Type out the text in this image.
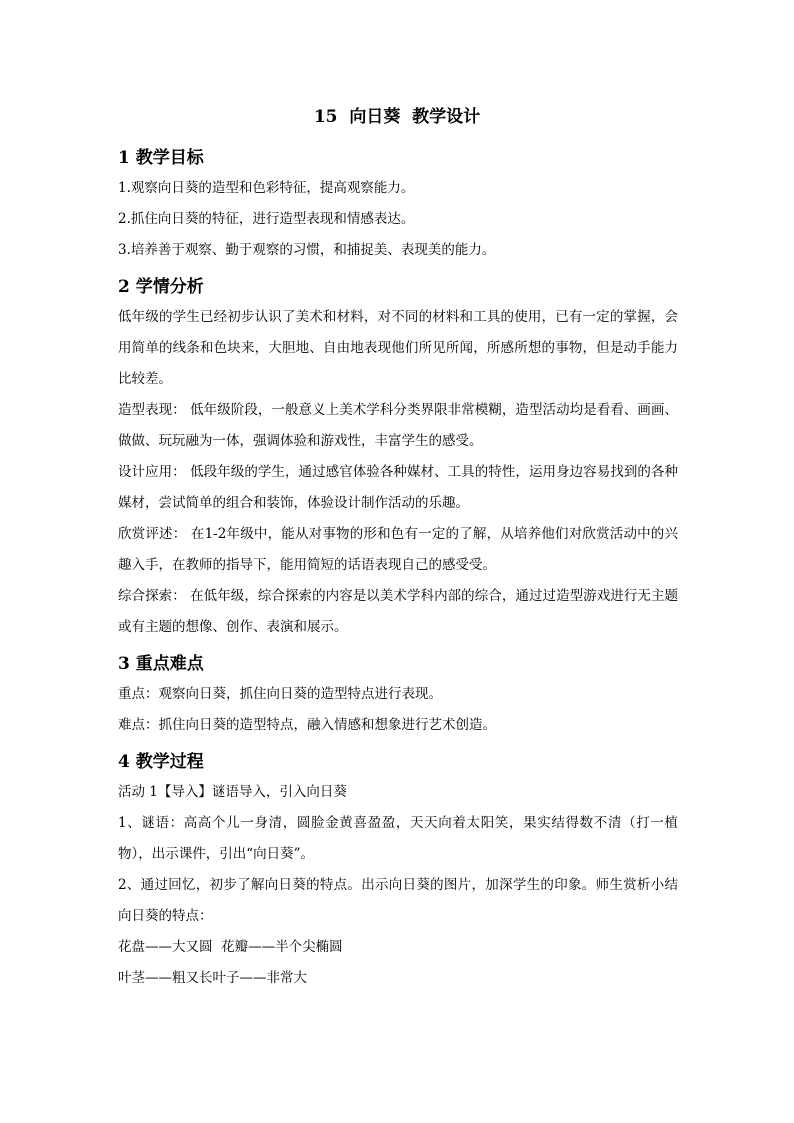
15  向日葵  教学设计
1 教学目标

1.观察向日葵的造型和色彩特征，提高观察能力。

2.抓住向日葵的特征，进行造型表现和情感表达。

3.培养善于观察、勤于观察的习惯，和捕捉美、表现美的能力。

2 学情分析

低年级的学生已经初步认识了美术和材料，对不同的材料和工具的使用，已有一定的掌握，会用简单的线条和色块来，大胆地、自由地表现他们所见所闻，所感所想的事物，但是动手能力比较差。

造型表现： 低年级阶段，一般意义上美术学科分类界限非常模糊，造型活动均是看看、画画、做做、玩玩融为一体，强调体验和游戏性，丰富学生的感受。

设计应用： 低段年级的学生，通过感官体验各种媒材、工具的特性，运用身边容易找到的各种媒材，尝试简单的组合和装饰，体验设计制作活动的乐趣。

欣赏评述： 在1-2年级中，能从对事物的形和色有一定的了解，从培养他们对欣赏活动中的兴趣入手，在教师的指导下，能用简短的话语表现自己的感受受。

综合探索： 在低年级，综合探索的内容是以美术学科内部的综合，通过过造型游戏进行无主题或有主题的想像、创作、表演和展示。

3 重点难点

重点：观察向日葵，抓住向日葵的造型特点进行表现。

难点：抓住向日葵的造型特点，融入情感和想象进行艺术创造。

4 教学过程

活动 1【导入】谜语导入，引入向日葵

1、谜语：高高个儿一身清，圆脸金黄喜盈盈，天天向着太阳笑，果实结得数不清（打一植物），出示课件，引出“向日葵”。

2、通过回忆，初步了解向日葵的特点。出示向日葵的图片，加深学生的印象。师生赏析小结向日葵的特点：

花盘——大又圆  花瓣——半个尖椭圆

叶茎——粗又长叶子——非常大
